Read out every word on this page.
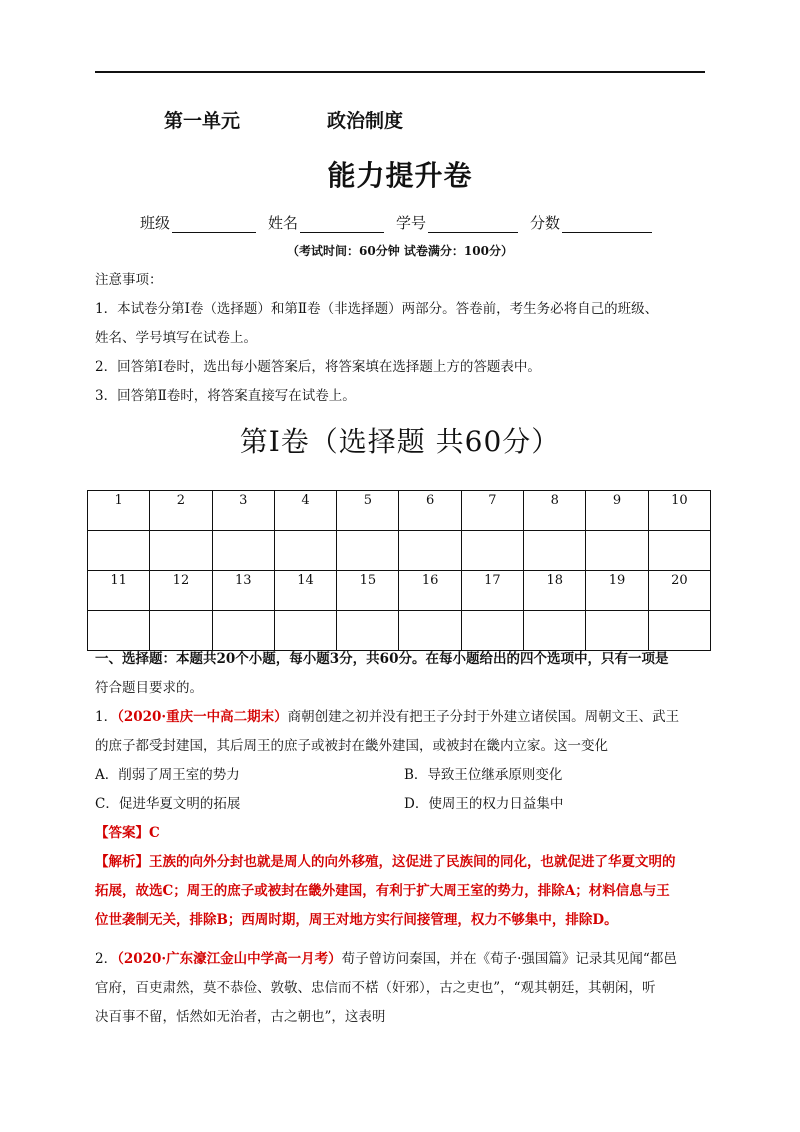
第一单元	政治制度
能力提升卷
班级	姓名	学号	分数
（考试时间：60分钟 试卷满分：100分）
注意事项：
1．本试卷分第Ⅰ卷（选择题）和第Ⅱ卷（非选择题）两部分。答卷前，考生务必将自己的班级、
姓名、学号填写在试卷上。
2．回答第Ⅰ卷时，选出每小题答案后，将答案填在选择题上方的答题表中。
3．回答第Ⅱ卷时，将答案直接写在试卷上。
第Ⅰ卷（选择题 共60分）
1	2	3	4	5	6	7	8	9	10

11	12	13	14	15	16	17	18	19	20

一、选择题：本题共20个小题，每小题3分，共60分。在每小题给出的四个选项中，只有一项是
符合题目要求的。
1．（2020·重庆一中高二期末）商朝创建之初并没有把王子分封于外建立诸侯国。周朝文王、武王
的庶子都受封建国，其后周王的庶子或被封在畿外建国，或被封在畿内立家。这一变化
A．削弱了周王室的势力	B．导致王位继承原则变化
C．促进华夏文明的拓展	D．使周王的权力日益集中
【答案】C
【解析】王族的向外分封也就是周人的向外移殖，这促进了民族间的同化，也就促进了华夏文明的
拓展，故选C；周王的庶子或被封在畿外建国，有利于扩大周王室的势力，排除A；材料信息与王
位世袭制无关，排除B；西周时期，周王对地方实行间接管理，权力不够集中，排除D。
2．（2020·广东濠江金山中学高一月考）荀子曾访问秦国，并在《荀子·强国篇》记录其见闻“都邑
官府，百吏肃然，莫不恭俭、敦敬、忠信而不楛（奸邪），古之吏也”，“观其朝廷，其朝闲，听
决百事不留，恬然如无治者，古之朝也”，这表明
